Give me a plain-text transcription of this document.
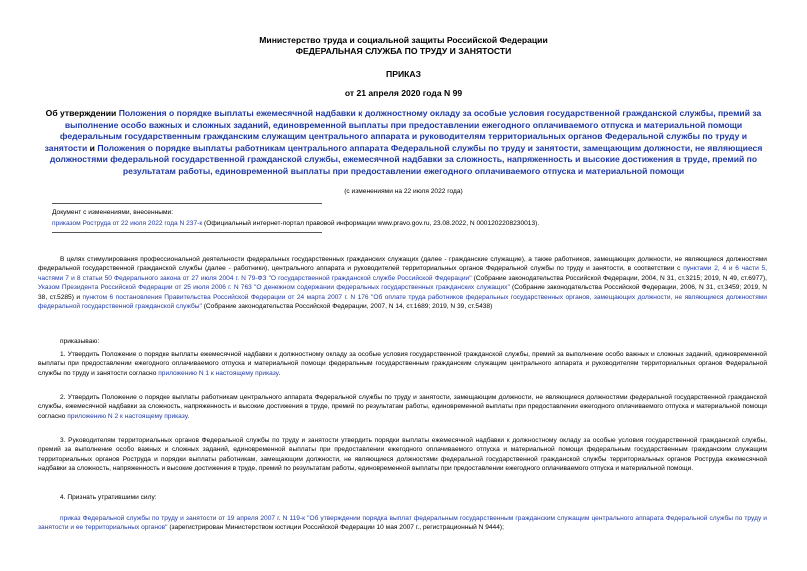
Министерство труда и социальной защиты Российской Федерации
ФЕДЕРАЛЬНАЯ СЛУЖБА ПО ТРУДУ И ЗАНЯТОСТИ
ПРИКАЗ
от 21 апреля 2020 года N 99
Об утверждении Положения о порядке выплаты ежемесячной надбавки к должностному окладу за особые условия государственной гражданской службы, премий за выполнение особо важных и сложных заданий, единовременной выплаты при предоставлении ежегодного оплачиваемого отпуска и материальной помощи федеральным государственным гражданским служащим центрального аппарата и руководителям территориальных органов Федеральной службы по труду и занятости и Положения о порядке выплаты работникам центрального аппарата Федеральной службы по труду и занятости, замещающим должности, не являющиеся должностями федеральной государственной гражданской службы, ежемесячной надбавки за сложность, напряженность и высокие достижения в труде, премий по результатам работы, единовременной выплаты при предоставлении ежегодного оплачиваемого отпуска и материальной помощи
(с изменениями на 22 июля 2022 года)
Документ с изменениями, внесенными:
приказом Роструда от 22 июля 2022 года N 237-к (Официальный интернет-портал правовой информации www.pravo.gov.ru, 23.08.2022, N 0001202208230013).
В целях стимулирования профессиональной деятельности федеральных государственных гражданских служащих (далее - гражданские служащие), а также работников, замещающих должности, не являющиеся должностями федеральной государственной гражданской службы (далее - работники), центрального аппарата и руководителей территориальных органов Федеральной службы по труду и занятости, в соответствии с пунктами 2, 4 и 6 части 5, частями 7 и 8 статьи 50 Федерального закона от 27 июля 2004 г. N 79-ФЗ "О государственной гражданской службе Российской Федерации" (Собрание законодательства Российской Федерации, 2004, N 31, ст.3215; 2019, N 49, ст.6977), Указом Президента Российской Федерации от 25 июля 2006 г. N 763 "О денежном содержании федеральных государственных гражданских служащих" (Собрание законодательства Российской Федерации, 2006, N 31, ст.3459; 2019, N 38, ст.5285) и пунктом 6 постановления Правительства Российской Федерации от 24 марта 2007 г. N 176 "Об оплате труда работников федеральных государственных органов, замещающих должности, не являющиеся должностями федеральной государственной гражданской службы" (Собрание законодательства Российской Федерации, 2007, N 14, ст.1689; 2019, N 39, ст.5438)
приказываю:
1. Утвердить Положение о порядке выплаты ежемесячной надбавки к должностному окладу за особые условия государственной гражданской службы, премий за выполнение особо важных и сложных заданий, единовременной выплаты при предоставлении ежегодного оплачиваемого отпуска и материальной помощи федеральным государственным гражданским служащим центрального аппарата и руководителям территориальных органов Федеральной службы по труду и занятости согласно приложению N 1 к настоящему приказу.
2. Утвердить Положение о порядке выплаты работникам центрального аппарата Федеральной службы по труду и занятости, замещающим должности, не являющиеся должностями федеральной государственной гражданской службы, ежемесячной надбавки за сложность, напряженность и высокие достижения в труде, премий по результатам работы, единовременной выплаты при предоставлении ежегодного оплачиваемого отпуска и материальной помощи согласно приложению N 2 к настоящему приказу.
3. Руководителям территориальных органов Федеральной службы по труду и занятости утвердить порядки выплаты ежемесячной надбавки к должностному окладу за особые условия государственной гражданской службы, премий за выполнение особо важных и сложных заданий, единовременной выплаты при предоставлении ежегодного оплачиваемого отпуска и материальной помощи федеральным государственным гражданским служащим территориальных органов Роструда и порядки выплаты работникам, замещающим должности, не являющиеся должностями федеральной государственной гражданской службы территориальных органов Роструда ежемесячной надбавки за сложность, напряженность и высокие достижения в труде, премий по результатам работы, единовременной выплаты при предоставлении ежегодного оплачиваемого отпуска и материальной помощи.
4. Признать утратившими силу:
приказ Федеральной службы по труду и занятости от 19 апреля 2007 г. N 119-к "Об утверждении порядка выплат федеральным государственным гражданским служащим центрального аппарата Федеральной службы по труду и занятости и ее территориальных органов" (зарегистрирован Министерством юстиции Российской Федерации 10 мая 2007 г., регистрационный N 9444);
